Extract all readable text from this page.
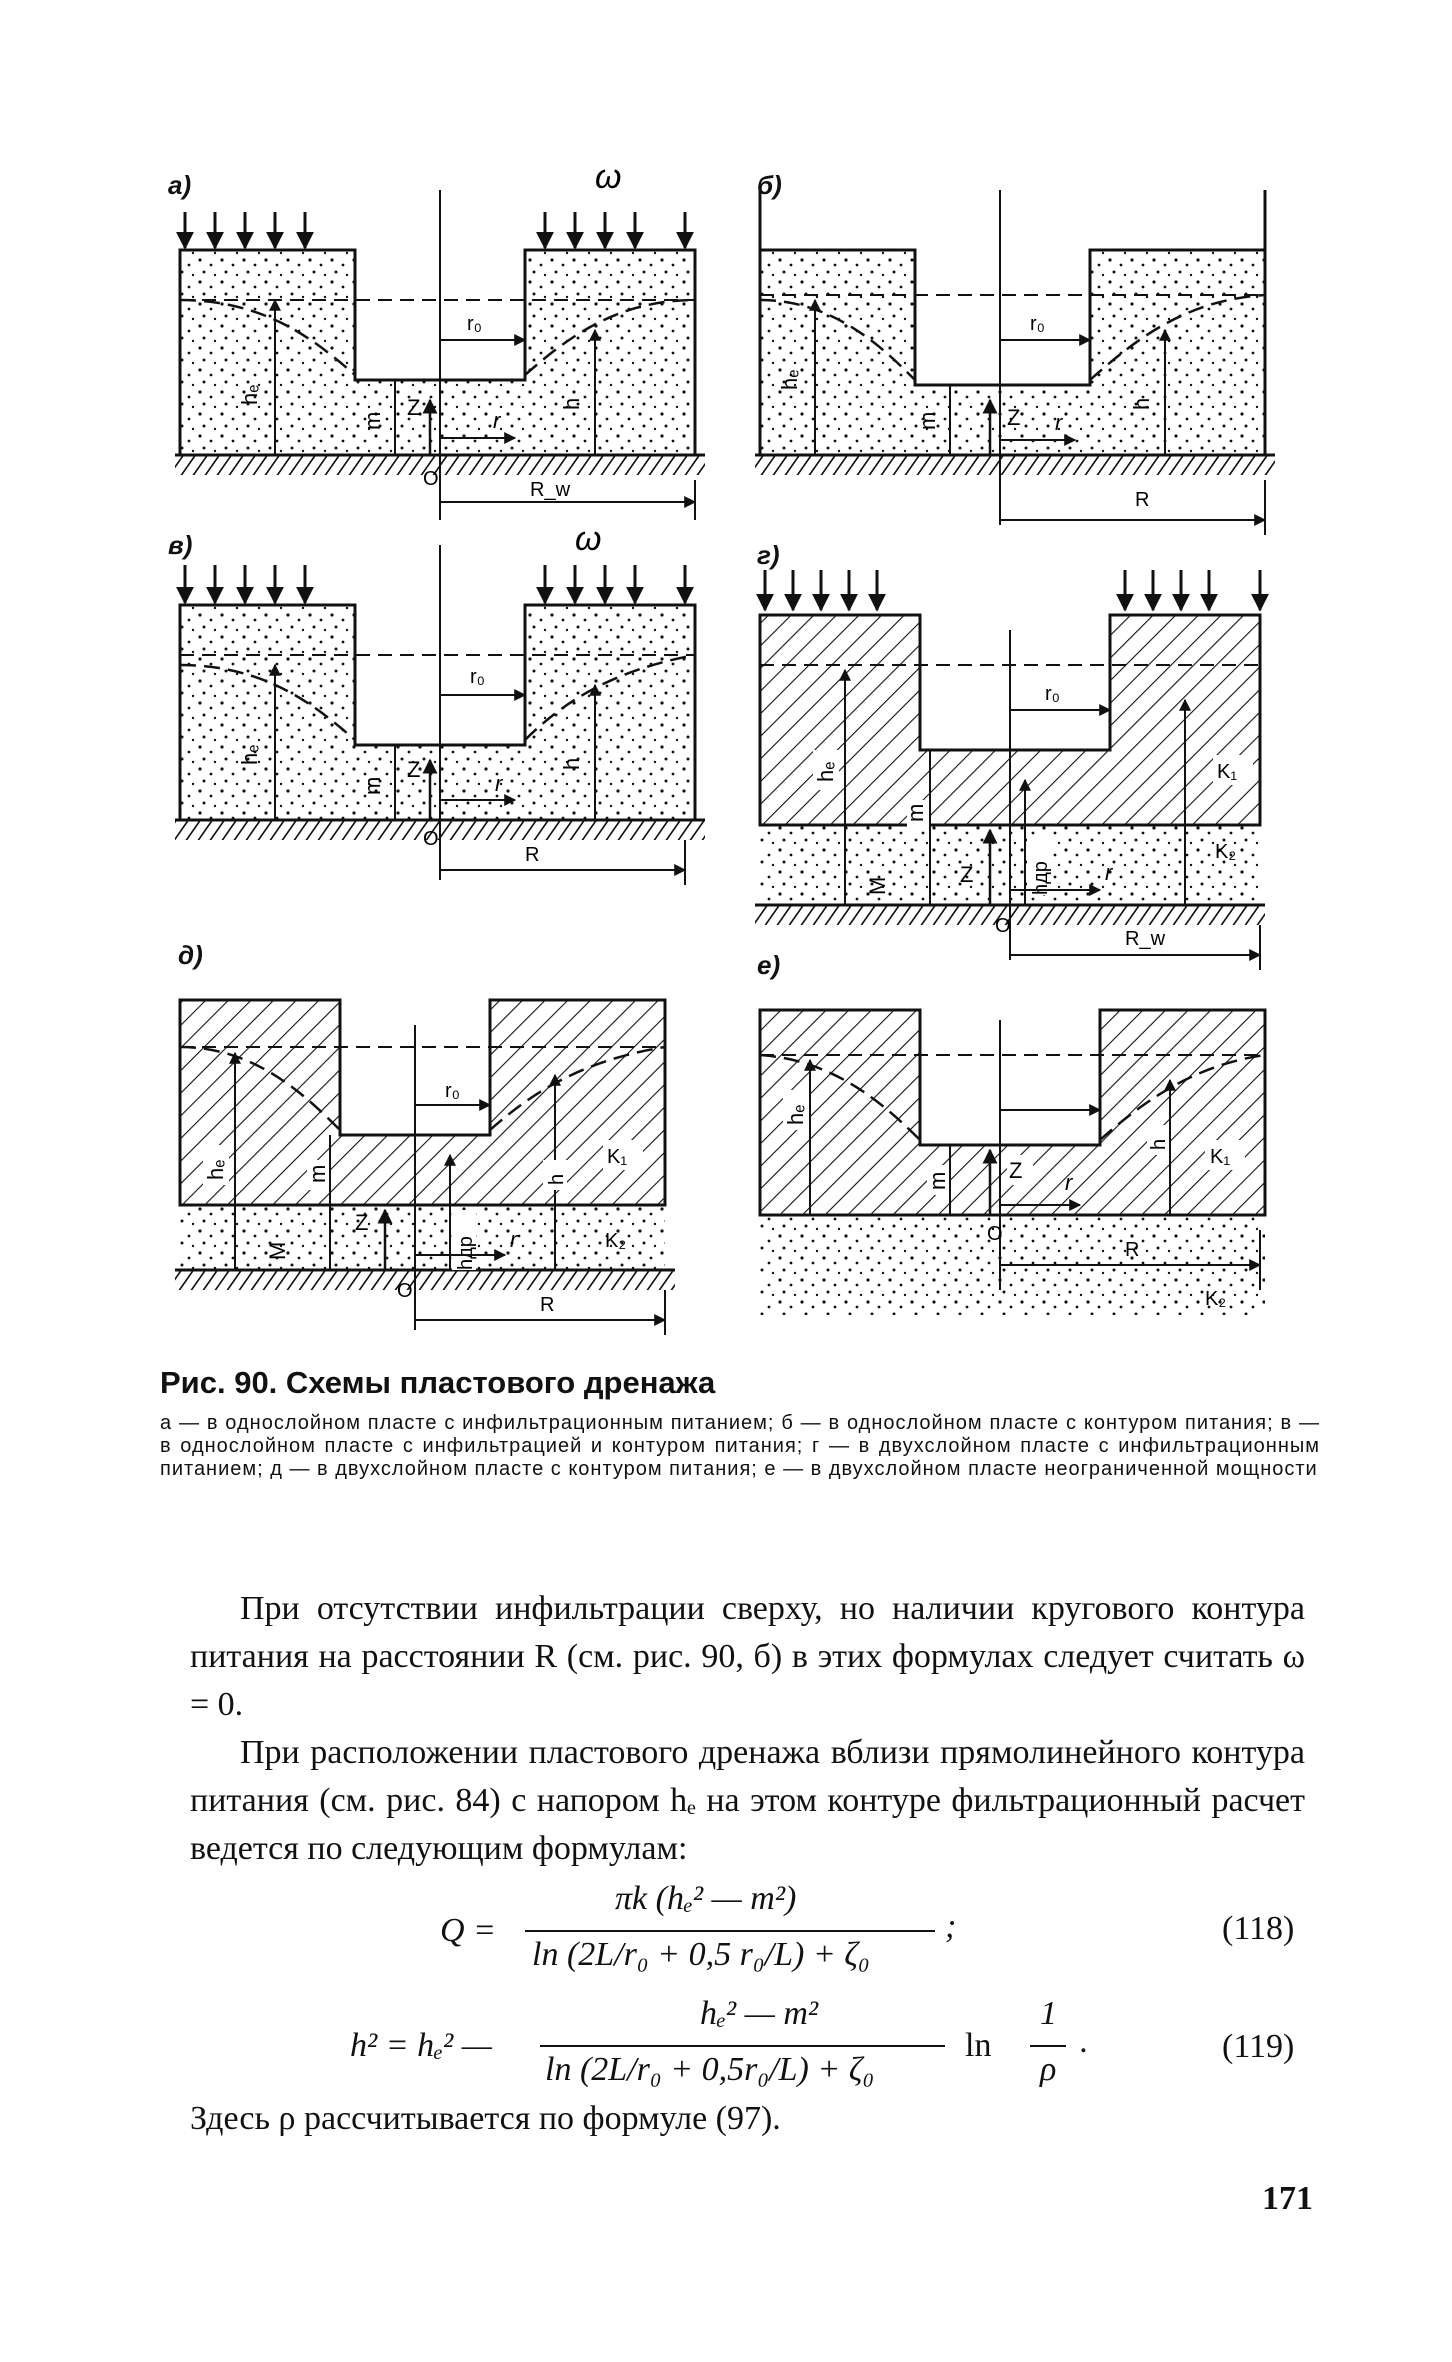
а)	ω
r₀
hₑ
m
Z	h
r
O	R_w
б)
r₀
hₑ
m	Z
h
r
R
в)	ω
r₀
hₑ
m
Z	h
r
O
R
г)
r₀
hₑ
m
M	Z	hдр
K₁
K₂
r
O
R_w
д)
r₀
hₑ	m
M
Z
hдр
h
K₁
K₂
r
O
R
е)
hₑ
m	Z
h
K₁
r
O
R
K₂
Рис. 90. Схемы пластового дренажа
а — в однослойном пласте с инфильтрационным питанием; б — в однослойном пласте с контуром питания; в — в однослойном пласте с инфильтрацией и контуром питания; г — в двухслойном пласте с инфильтрационным питанием; д — в двухслойном пласте с контуром питания; е — в двухслойном пласте неограниченной мощности

При отсутствии инфильтрации сверху, но наличии кругового контура питания на расстоянии R (см. рис. 90, б) в этих формулах следует считать ω = 0.

При расположении пластового дренажа вблизи прямолинейного контура питания (см. рис. 84) с напором hₑ на этом контуре фильтрационный расчет ведется по следующим формулам:

Q =
πk (hₑ² — m²)
ln (2L/r₀ + 0,5 r₀/L) + ζ₀
;	(118)
h² = hₑ² —
hₑ² — m²
ln (2L/r₀ + 0,5r₀/L) + ζ₀
ln
1
ρ
.	(119)

Здесь ρ рассчитывается по формуле (97).

171
